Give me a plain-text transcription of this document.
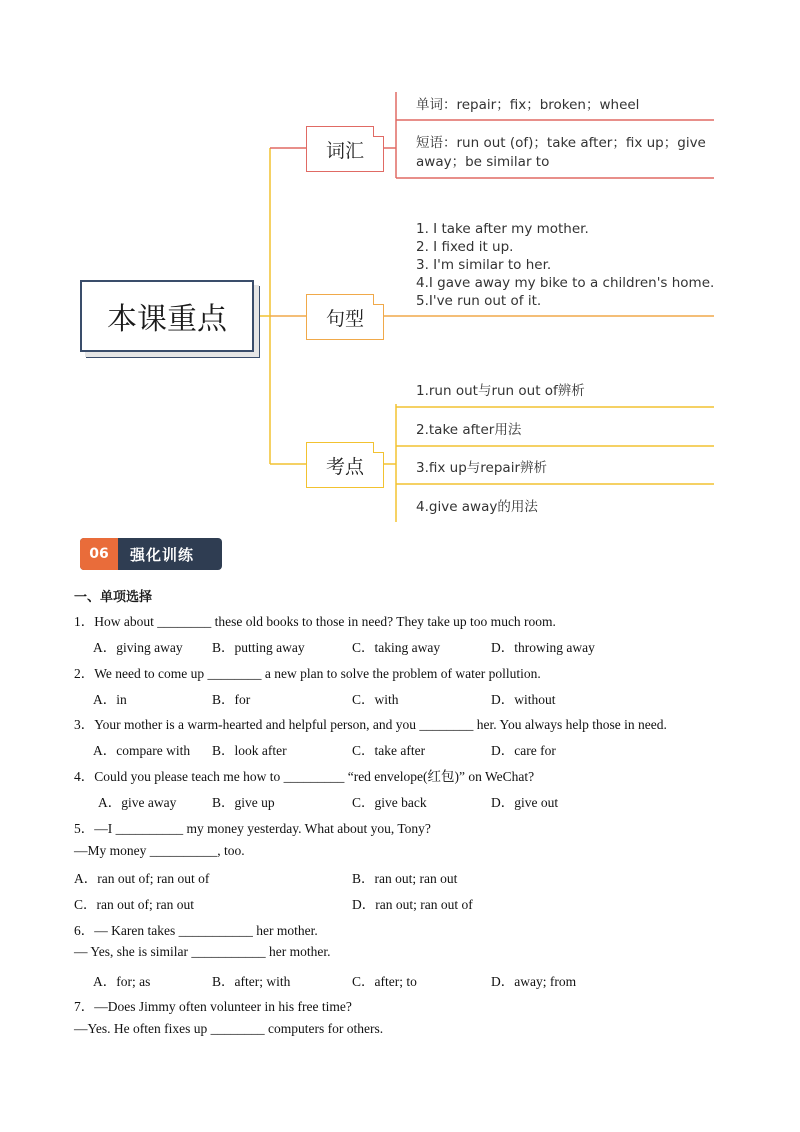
本课重点
词汇
句型
考点
单词：repair；fix；broken；wheel
短语：run out (of)；take after；fix up；give
away；be similar to
1. I take after my mother.
2. I fixed it up.
3. I'm similar to her.
4.I gave away my bike to a children's home.
5.I've run out of it.
1.run out与run out of辨析
2.take after用法
3.fix up与repair辨析
4.give away的用法
06	强化训练
一、单项选择
1．How about ________ these old books to those in need? They take up too much room.
A．giving away B．putting away	C．taking away	D．throwing away
2．We need to come up ________ a new plan to solve the problem of water pollution.
A．in	B．for	C．with	D．without
3．Your mother is a warm-hearted and helpful person, and you ________ her. You always help those in need.
A．compare with B．look after	C．take after	D．care for
4．Could you please teach me how to _________ “red envelope(红包)” on WeChat?
A．give away	B．give up	C．give back	D．give out
5．—I __________ my money yesterday. What about you, Tony?
—My money __________, too.
A．ran out of; ran out of	B．ran out; ran out
C．ran out of; ran out	D．ran out; ran out of
6．— Karen takes ___________ her mother.
— Yes, she is similar ___________ her mother.
A．for; as	B．after; with	C．after; to	D．away; from
7．—Does Jimmy often volunteer in his free time?
—Yes. He often fixes up ________ computers for others.
